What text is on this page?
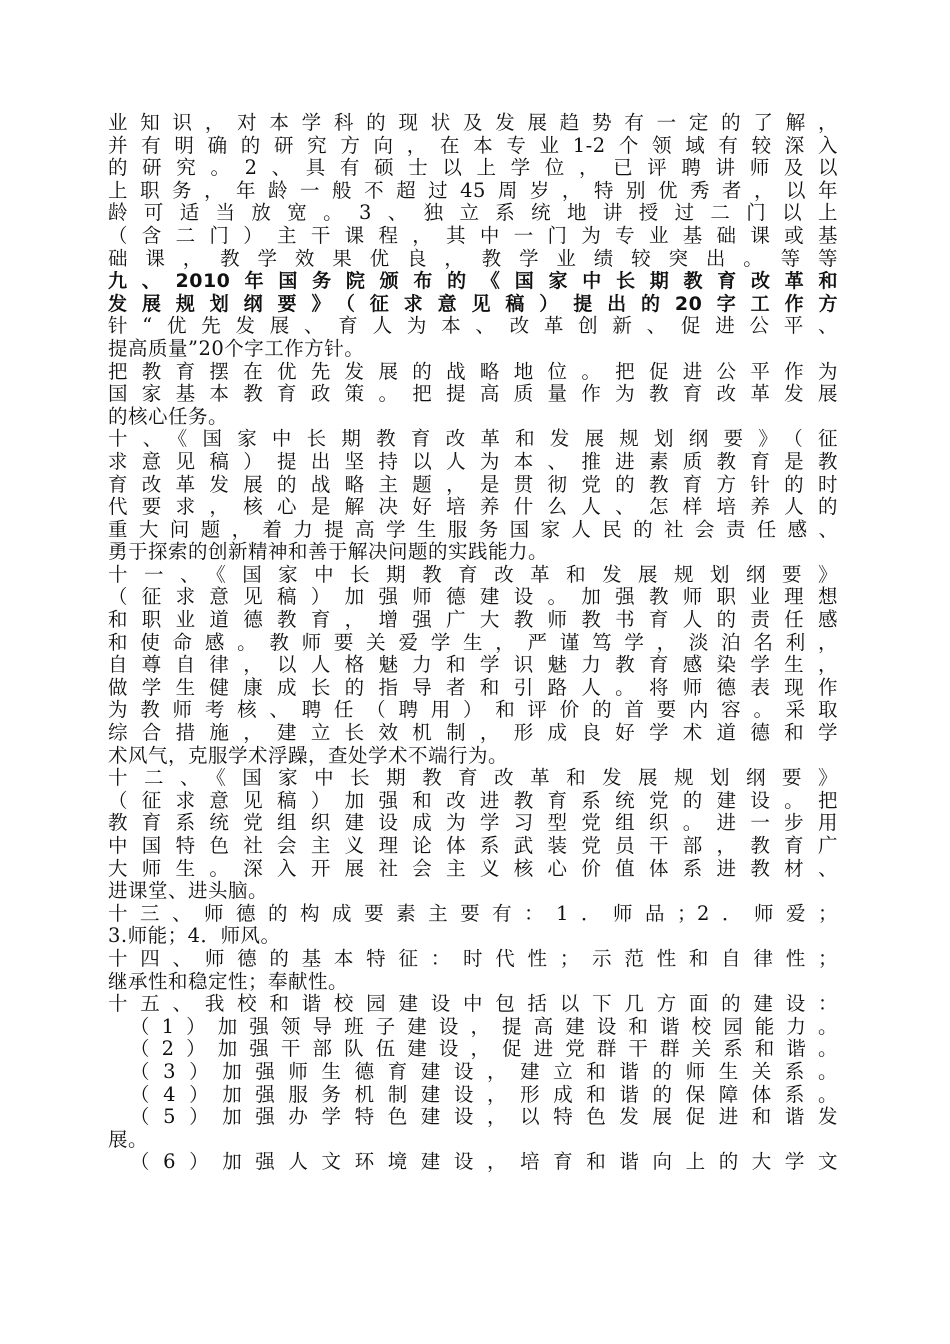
业知识，对本学科的现状及发展趋势有一定的了解，
并有明确的研究方向，在本专业1-2个领域有较深入
的研究。2、具有硕士以上学位，已评聘讲师及以
上职务，年龄一般不超过45周岁，特别优秀者，以年
龄可适当放宽。3、独立系统地讲授过二门以上
（含二门）主干课程，其中一门为专业基础课或基
础课，教学效果优良，教学业绩较突出。等等
九、2010年国务院颁布的《国家中长期教育改革和
发展规划纲要》（征求意见稿）提出的20字工作方
针“优先发展、育人为本、改革创新、促进公平、
提高质量”20个字工作方针。
把教育摆在优先发展的战略地位。把促进公平作为
国家基本教育政策。把提高质量作为教育改革发展
的核心任务。
十、《国家中长期教育改革和发展规划纲要》（征
求意见稿）提出坚持以人为本、推进素质教育是教
育改革发展的战略主题，是贯彻党的教育方针的时
代要求，核心是解决好培养什么人、怎样培养人的
重大问题，着力提高学生服务国家人民的社会责任感、
勇于探索的创新精神和善于解决问题的实践能力。
十一、《国家中长期教育改革和发展规划纲要》
（征求意见稿）加强师德建设。加强教师职业理想
和职业道德教育，增强广大教师教书育人的责任感
和使命感。教师要关爱学生，严谨笃学，淡泊名利，
自尊自律，以人格魅力和学识魅力教育感染学生，
做学生健康成长的指导者和引路人。将师德表现作
为教师考核、聘任（聘用）和评价的首要内容。采取
综合措施，建立长效机制，形成良好学术道德和学
术风气，克服学术浮躁，查处学术不端行为。
十二、《国家中长期教育改革和发展规划纲要》
（征求意见稿）加强和改进教育系统党的建设。把
教育系统党组织建设成为学习型党组织。进一步用
中国特色社会主义理论体系武装党员干部，教育广
大师生。深入开展社会主义核心价值体系进教材、
进课堂、进头脑。
十三、师德的构成要素主要有：1．师品；2．师爱；
3.师能；4．师风。
十四、师德的基本特征：时代性；示范性和自律性；
继承性和稳定性；奉献性。
十五、我校和谐校园建设中包括以下几方面的建设：
（1）加强领导班子建设，提高建设和谐校园能力。
（2）加强干部队伍建设，促进党群干群关系和谐。
（3）加强师生德育建设，建立和谐的师生关系。
（4）加强服务机制建设，形成和谐的保障体系。
（5）加强办学特色建设，以特色发展促进和谐发
展。
（6）加强人文环境建设，培育和谐向上的大学文
